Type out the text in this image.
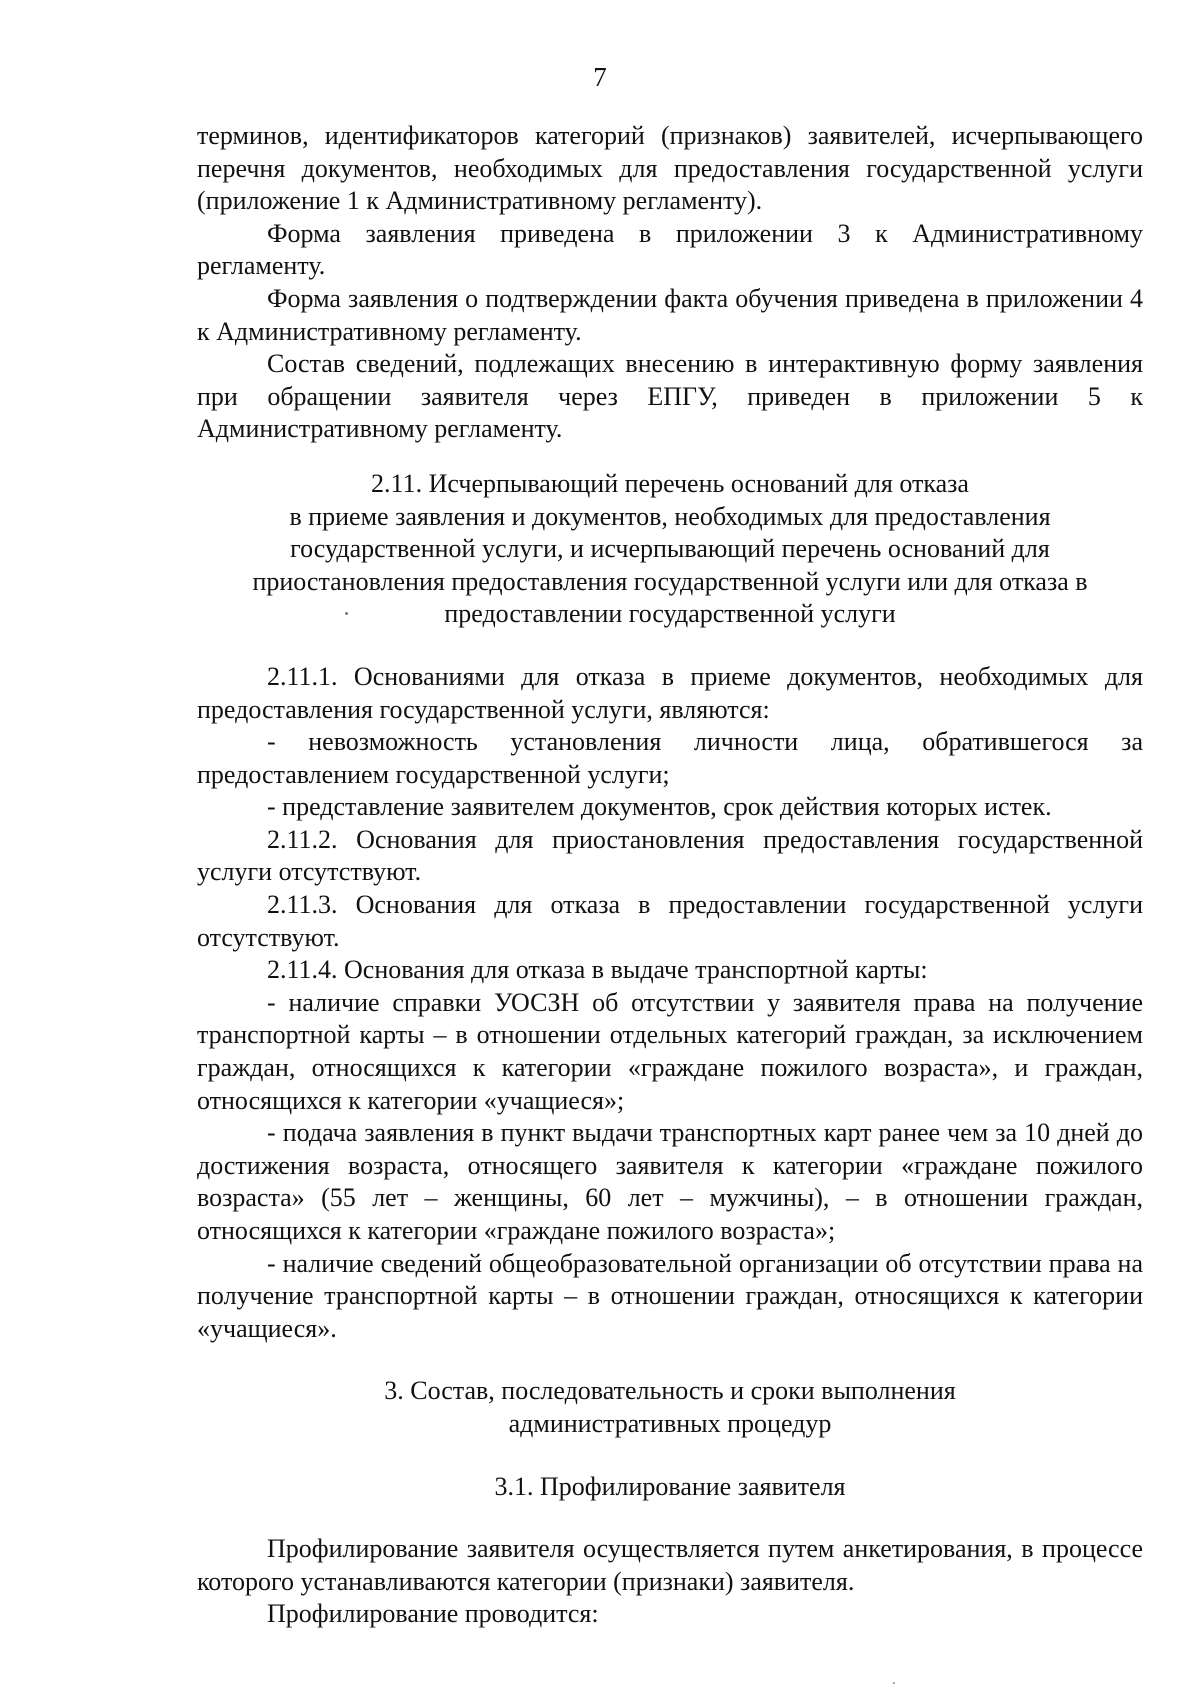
7

терминов, идентификаторов категорий (признаков) заявителей, исчерпывающего перечня документов, необходимых для предоставления государственной услуги (приложение 1 к Административному регламенту).

Форма заявления приведена в приложении 3 к Административному регламенту.

Форма заявления о подтверждении факта обучения приведена в приложении 4 к Административному регламенту.

Состав сведений, подлежащих внесению в интерактивную форму заявления при обращении заявителя через ЕПГУ, приведен в приложении 5 к Административному регламенту.

2.11. Исчерпывающий перечень оснований для отказа

в приеме заявления и документов, необходимых для предоставления

государственной услуги, и исчерпывающий перечень оснований для

приостановления предоставления государственной услуги или для отказа в

предоставлении государственной услуги

2.11.1. Основаниями для отказа в приеме документов, необходимых для предоставления государственной услуги, являются:

- невозможность установления личности лица, обратившегося за предоставлением государственной услуги;

- представление заявителем документов, срок действия которых истек.

2.11.2. Основания для приостановления предоставления государственной услуги отсутствуют.

2.11.3. Основания для отказа в предоставлении государственной услуги отсутствуют.

2.11.4. Основания для отказа в выдаче транспортной карты:

- наличие справки УОСЗН об отсутствии у заявителя права на получение транспортной карты – в отношении отдельных категорий граждан, за исключением граждан, относящихся к категории «граждане пожилого возраста», и граждан, относящихся к категории «учащиеся»;

- подача заявления в пункт выдачи транспортных карт ранее чем за 10 дней до достижения возраста, относящего заявителя к категории «граждане пожилого возраста» (55 лет – женщины, 60 лет – мужчины), – в отношении граждан, относящихся к категории «граждане пожилого возраста»;

- наличие сведений общеобразовательной организации об отсутствии права на получение транспортной карты – в отношении граждан, относящихся к категории «учащиеся».

3. Состав, последовательность и сроки выполнения

административных процедур

3.1. Профилирование заявителя

Профилирование заявителя осуществляется путем анкетирования, в процессе которого устанавливаются категории (признаки) заявителя.

Профилирование проводится:
